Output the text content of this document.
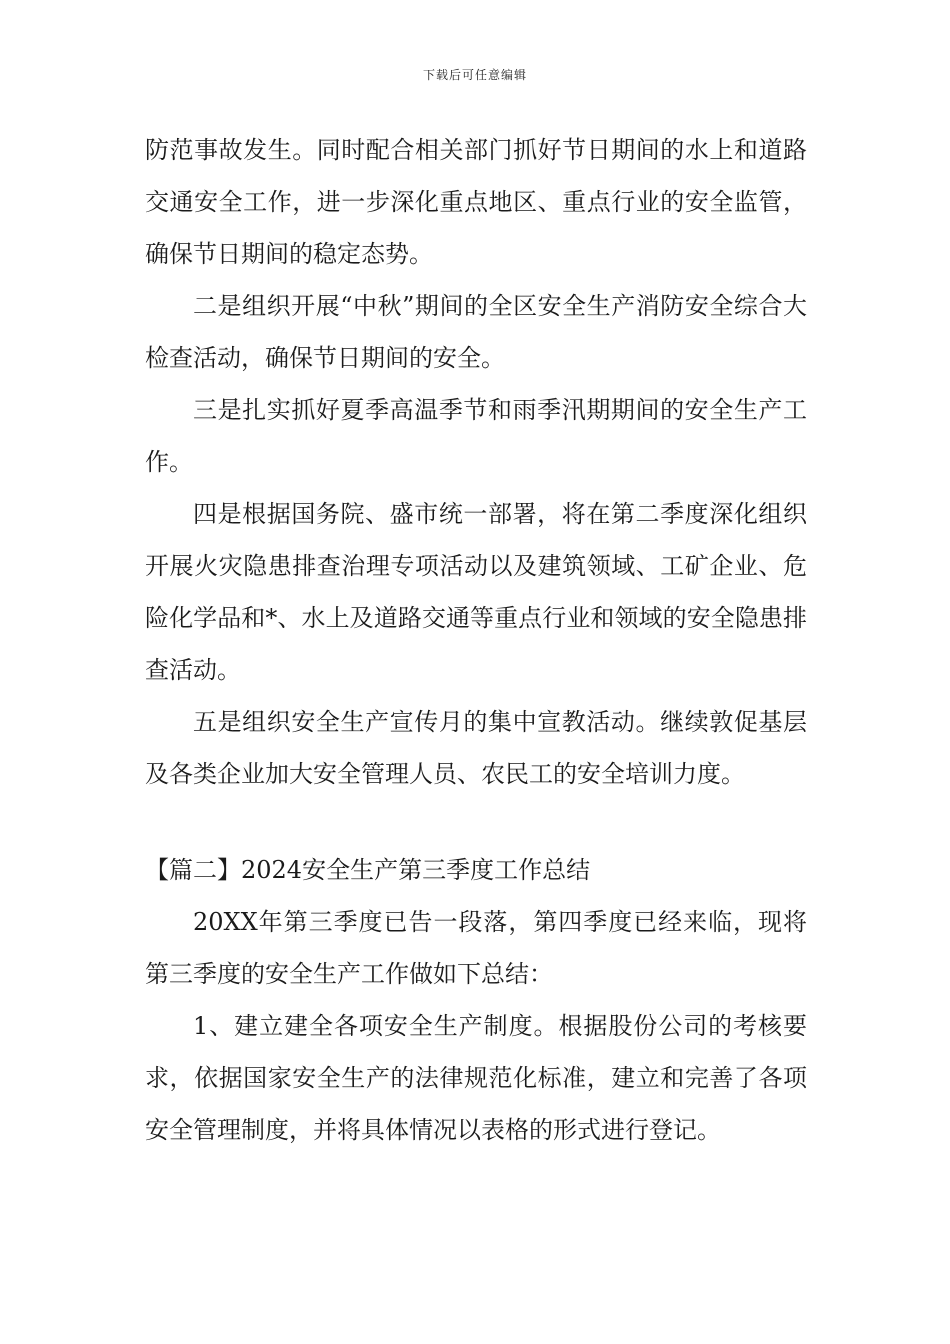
下载后可任意编辑

防范事故发生。同时配合相关部门抓好节日期间的水上和道路交通安全工作，进一步深化重点地区、重点行业的安全监管，确保节日期间的稳定态势。

二是组织开展“中秋”期间的全区安全生产消防安全综合大检查活动，确保节日期间的安全。

三是扎实抓好夏季高温季节和雨季汛期期间的安全生产工作。

四是根据国务院、盛市统一部署，将在第二季度深化组织开展火灾隐患排查治理专项活动以及建筑领域、工矿企业、危险化学品和*、水上及道路交通等重点行业和领域的安全隐患排查活动。

五是组织安全生产宣传月的集中宣教活动。继续敦促基层及各类企业加大安全管理人员、农民工的安全培训力度。

【篇二】2024安全生产第三季度工作总结

20XX年第三季度已告一段落，第四季度已经来临，现将第三季度的安全生产工作做如下总结：

1、建立建全各项安全生产制度。根据股份公司的考核要求，依据国家安全生产的法律规范化标准，建立和完善了各项安全管理制度，并将具体情况以表格的形式进行登记。
